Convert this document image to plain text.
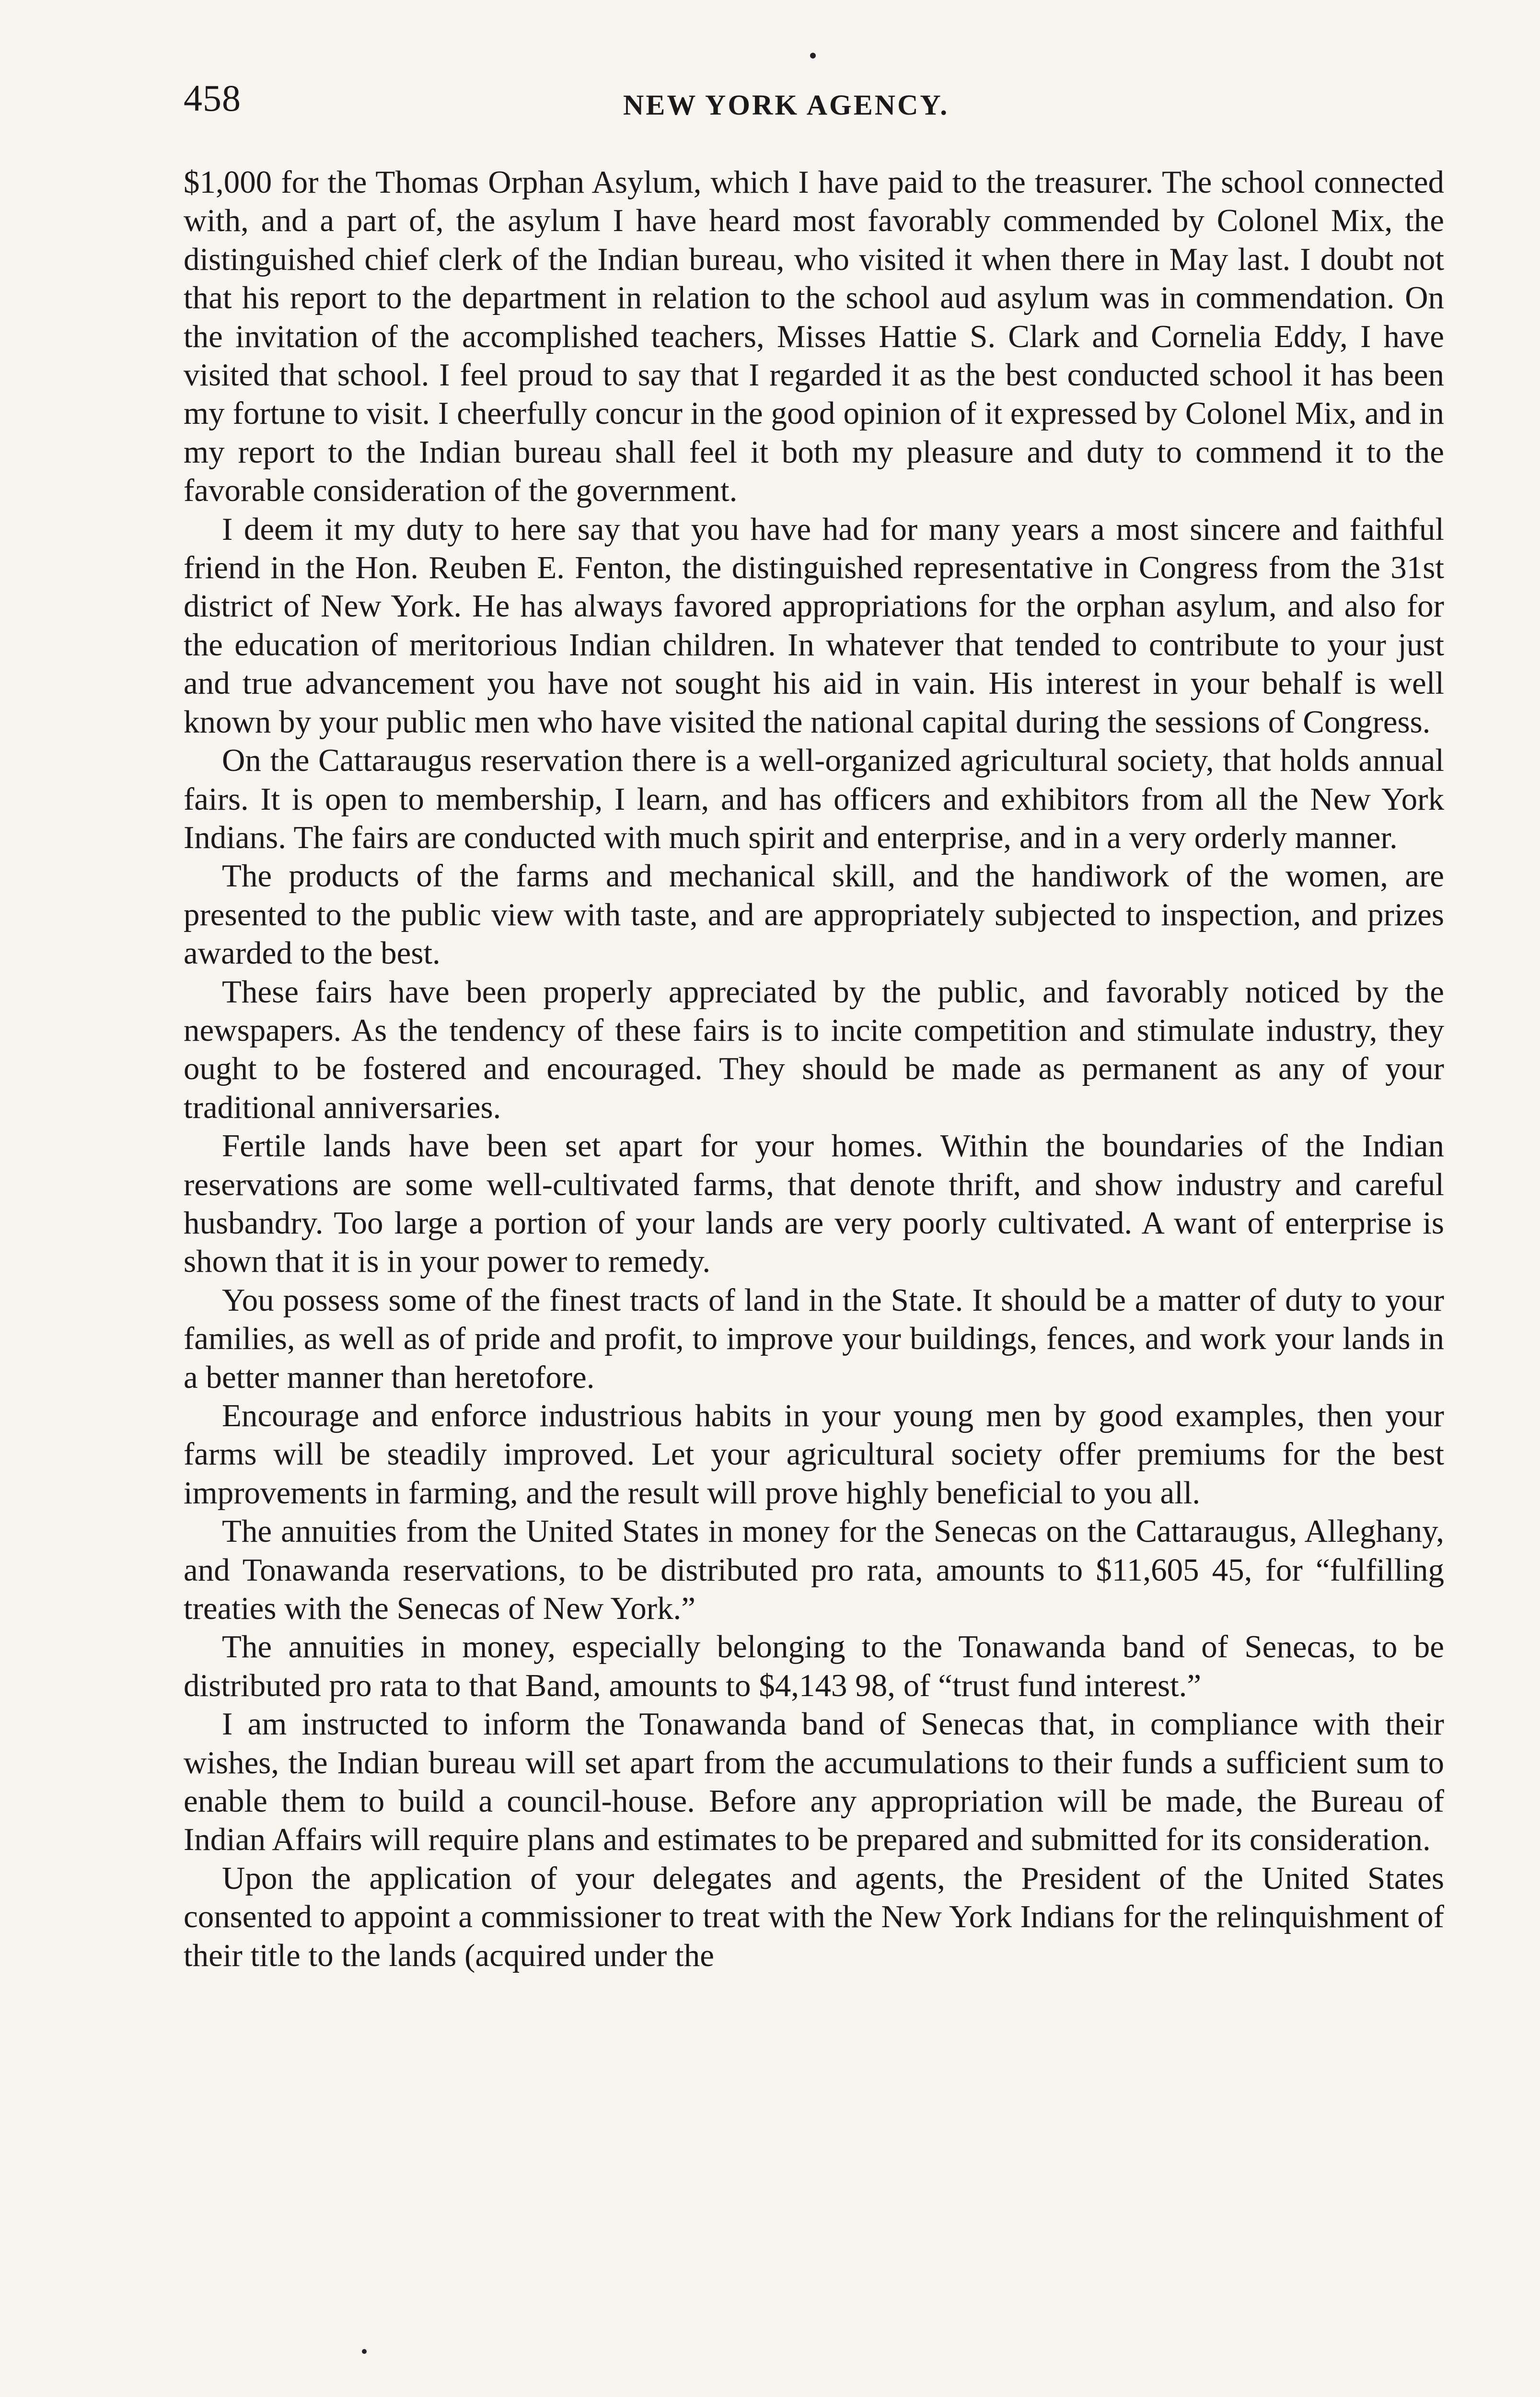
458	NEW YORK AGENCY.

$1,000 for the Thomas Orphan Asylum, which I have paid to the treasurer. The school connected with, and a part of, the asylum I have heard most favorably commended by Colonel Mix, the distinguished chief clerk of the Indian bureau, who visited it when there in May last. I doubt not that his report to the department in relation to the school aud asylum was in commendation. On the invitation of the accomplished teachers, Misses Hattie S. Clark and Cornelia Eddy, I have visited that school. I feel proud to say that I regarded it as the best conducted school it has been my fortune to visit. I cheerfully concur in the good opinion of it expressed by Colonel Mix, and in my report to the Indian bureau shall feel it both my pleasure and duty to commend it to the favorable consideration of the government.

I deem it my duty to here say that you have had for many years a most sincere and faithful friend in the Hon. Reuben E. Fenton, the distinguished representative in Congress from the 31st district of New York. He has always favored appropriations for the orphan asylum, and also for the education of meritorious Indian children. In whatever that tended to contribute to your just and true advancement you have not sought his aid in vain. His interest in your behalf is well known by your public men who have visited the national capital during the sessions of Congress.

On the Cattaraugus reservation there is a well-organized agricultural society, that holds annual fairs. It is open to membership, I learn, and has officers and exhibitors from all the New York Indians. The fairs are conducted with much spirit and enterprise, and in a very orderly manner.

The products of the farms and mechanical skill, and the handiwork of the women, are presented to the public view with taste, and are appropriately subjected to inspection, and prizes awarded to the best.

These fairs have been properly appreciated by the public, and favorably noticed by the newspapers. As the tendency of these fairs is to incite competition and stimulate industry, they ought to be fostered and encouraged. They should be made as permanent as any of your traditional anniversaries.

Fertile lands have been set apart for your homes. Within the boundaries of the Indian reservations are some well-cultivated farms, that denote thrift, and show industry and careful husbandry. Too large a portion of your lands are very poorly cultivated. A want of enterprise is shown that it is in your power to remedy.

You possess some of the finest tracts of land in the State. It should be a matter of duty to your families, as well as of pride and profit, to improve your buildings, fences, and work your lands in a better manner than heretofore.

Encourage and enforce industrious habits in your young men by good examples, then your farms will be steadily improved. Let your agricultural society offer premiums for the best improvements in farming, and the result will prove highly beneficial to you all.

The annuities from the United States in money for the Senecas on the Cattaraugus, Alleghany, and Tonawanda reservations, to be distributed pro rata, amounts to $11,605 45, for “fulfilling treaties with the Senecas of New York.”

The annuities in money, especially belonging to the Tonawanda band of Senecas, to be distributed pro rata to that Band, amounts to $4,143 98, of “trust fund interest.”

I am instructed to inform the Tonawanda band of Senecas that, in compliance with their wishes, the Indian bureau will set apart from the accumulations to their funds a sufficient sum to enable them to build a council-house. Before any appropriation will be made, the Bureau of Indian Affairs will require plans and estimates to be prepared and submitted for its consideration.

Upon the application of your delegates and agents, the President of the United States consented to appoint a commissioner to treat with the New York Indians for the relinquishment of their title to the lands (acquired under the
